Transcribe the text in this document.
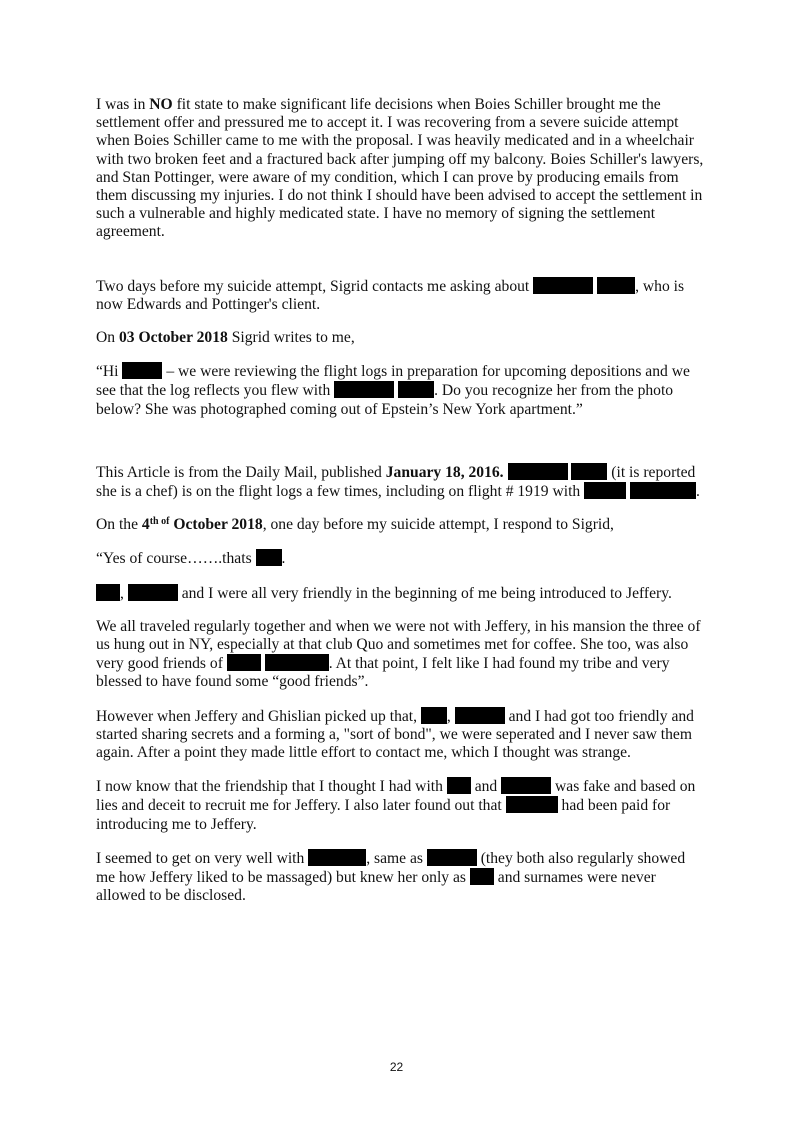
I was in NO fit state to make significant life decisions when Boies Schiller brought me the settlement offer and pressured me to accept it. I was recovering from a severe suicide attempt when Boies Schiller came to me with the proposal. I was heavily medicated and in a wheelchair with two broken feet and a fractured back after jumping off my balcony. Boies Schiller's lawyers, and Stan Pottinger, were aware of my condition, which I can prove by producing emails from them discussing my injuries. I do not think I should have been advised to accept the settlement in such a vulnerable and highly medicated state. I have no memory of signing the settlement agreement.

Two days before my suicide attempt, Sigrid contacts me asking about	, who is now Edwards and Pottinger's client.

On 03 October 2018 Sigrid writes to me,

“Hi	– we were reviewing the flight logs in preparation for upcoming depositions and we see that the log reflects you flew with	. Do you recognize her from the photo below? She was photographed coming out of Epstein’s New York apartment.”

This Article is from the Daily Mail, published January 18, 2016.	(it is reported she is a chef) is on the flight logs a few times, including on flight # 1919 with	.

On the $4^{th of}$ October 2018, one day before my suicide attempt, I respond to Sigrid,

“Yes of course…….thats .

,	and I were all very friendly in the beginning of me being introduced to Jeffery.

We all traveled regularly together and when we were not with Jeffery, in his mansion the three of us hung out in NY, especially at that club Quo and sometimes met for coffee. She too, was also very good friends of	. At that point, I felt like I had found my tribe and very blessed to have found some “good friends”.

However when Jeffery and Ghislian picked up that, ,	and I had got too friendly and started sharing secrets and a forming a, "sort of bond", we were seperated and I never saw them again. After a point they made little effort to contact me, which I thought was strange.

I now know that the friendship that I thought I had with  and	was fake and based on lies and deceit to recruit me for Jeffery. I also later found out that	had been paid for introducing me to Jeffery.

I seemed to get on very well with	, same as	(they both also regularly showed me how Jeffery liked to be massaged) but knew her only as  and surnames were never allowed to be disclosed.

22
